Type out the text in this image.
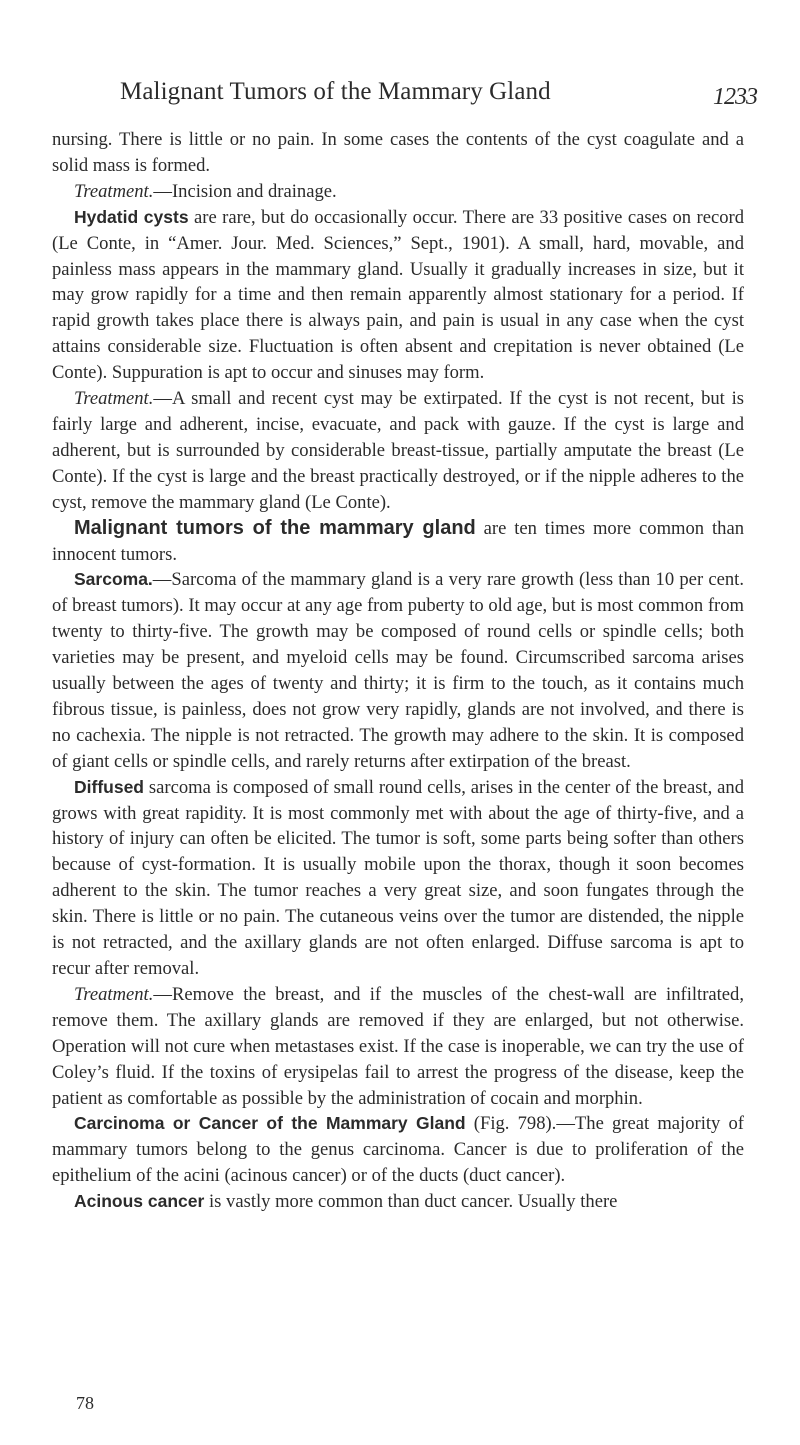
Malignant Tumors of the Mammary Gland	1233

nursing. There is little or no pain. In some cases the contents of the cyst coagulate and a solid mass is formed.

Treatment.—Incision and drainage.

Hydatid cysts are rare, but do occasionally occur. There are 33 positive cases on record (Le Conte, in “Amer. Jour. Med. Sciences,” Sept., 1901). A small, hard, movable, and painless mass appears in the mammary gland. Usually it gradually increases in size, but it may grow rapidly for a time and then remain apparently almost stationary for a period. If rapid growth takes place there is always pain, and pain is usual in any case when the cyst attains considerable size. Fluctuation is often absent and crepitation is never obtained (Le Conte). Suppuration is apt to occur and sinuses may form.

Treatment.—A small and recent cyst may be extirpated. If the cyst is not recent, but is fairly large and adherent, incise, evacuate, and pack with gauze. If the cyst is large and adherent, but is surrounded by considerable breast-tissue, partially amputate the breast (Le Conte). If the cyst is large and the breast practically destroyed, or if the nipple adheres to the cyst, remove the mammary gland (Le Conte).

Malignant tumors of the mammary gland are ten times more common than innocent tumors.

Sarcoma.—Sarcoma of the mammary gland is a very rare growth (less than 10 per cent. of breast tumors). It may occur at any age from puberty to old age, but is most common from twenty to thirty-five. The growth may be composed of round cells or spindle cells; both varieties may be present, and myeloid cells may be found. Circumscribed sarcoma arises usually between the ages of twenty and thirty; it is firm to the touch, as it contains much fibrous tissue, is painless, does not grow very rapidly, glands are not involved, and there is no cachexia. The nipple is not retracted. The growth may adhere to the skin. It is composed of giant cells or spindle cells, and rarely returns after extirpation of the breast.

Diffused sarcoma is composed of small round cells, arises in the center of the breast, and grows with great rapidity. It is most commonly met with about the age of thirty-five, and a history of injury can often be elicited. The tumor is soft, some parts being softer than others because of cyst-formation. It is usually mobile upon the thorax, though it soon becomes adherent to the skin. The tumor reaches a very great size, and soon fungates through the skin. There is little or no pain. The cutaneous veins over the tumor are distended, the nipple is not retracted, and the axillary glands are not often enlarged. Diffuse sarcoma is apt to recur after removal.

Treatment.—Remove the breast, and if the muscles of the chest-wall are infiltrated, remove them. The axillary glands are removed if they are enlarged, but not otherwise. Operation will not cure when metastases exist. If the case is inoperable, we can try the use of Coley’s fluid. If the toxins of erysipelas fail to arrest the progress of the disease, keep the patient as comfortable as possible by the administration of cocain and morphin.

Carcinoma or Cancer of the Mammary Gland (Fig. 798).—The great majority of mammary tumors belong to the genus carcinoma. Cancer is due to proliferation of the epithelium of the acini (acinous cancer) or of the ducts (duct cancer).

Acinous cancer is vastly more common than duct cancer. Usually there

78
